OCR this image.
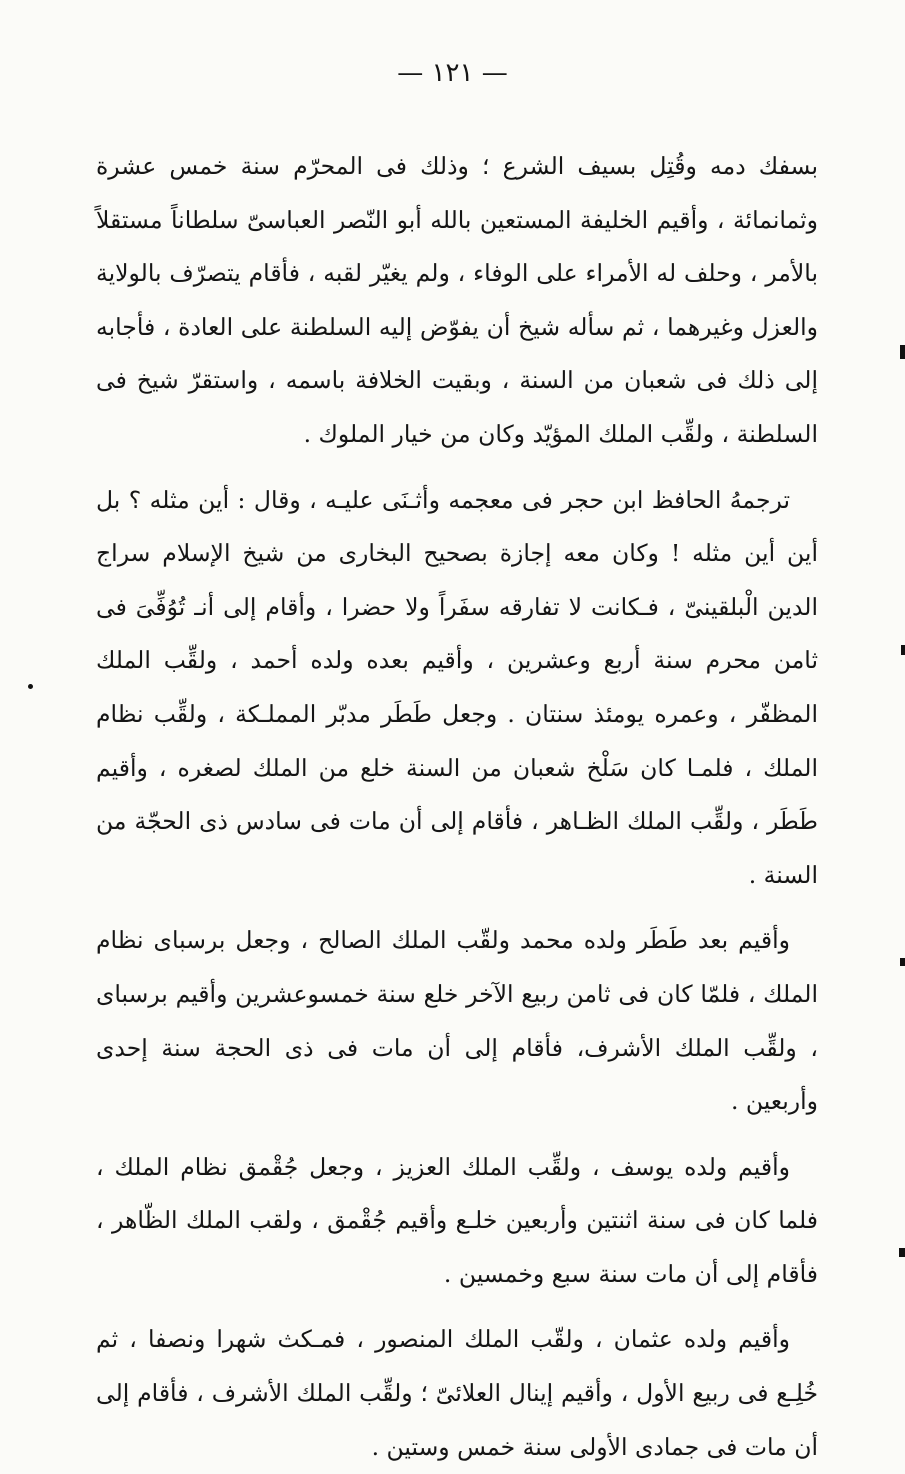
— ١٢١ —

بسفك دمه وقُتِل بسيف الشرع ؛ وذلك فى المحرّم سنة خمس عشرة وثمانمائة ، وأقيم الخليفة المستعين بالله أبو النّصر العباسىّ سلطاناً مستقلاً بالأمر ، وحلف له الأمراء على الوفاء ، ولم يغيّر لقبه ، فأقام يتصرّف بالولاية والعزل وغيرهما ، ثم سأله شيخ أن يفوّض إليه السلطنة على العادة ، فأجابه إلى ذلك فى شعبان من السنة ، وبقيت الخلافة باسمه ، واستقرّ شيخ فى السلطنة ، ولقِّب الملك المؤيّد وكان من خيار الملوك .

ترجمهُ الحافظ ابن حجر فى معجمه وأثـنَى عليـه ، وقال : أين مثله ؟ بل أين أين مثله ! وكان معه إجازة بصحيح البخارى من شيخ الإسلام سراج الدين الْبلقينىّ ، فـكانت لا تفارقه سفَراً ولا حضرا ، وأقام إلى أنـ تُوُفِّىَ فى ثامن محرم سنة أربع وعشرين ، وأقيم بعده ولده أحمد ، ولقِّب الملك المظفّر ، وعمره يومئذ سنتان . وجعل طَطَر مدبّر المملـكة ، ولقِّب نظام الملك ، فلمـا كان سَلْخ شعبان من السنة خلع من الملك لصغره ، وأقيم طَطَر ، ولقِّب الملك الظـاهر ، فأقام إلى أن مات فى سادس ذى الحجّة من السنة .

وأقيم بعد طَطَر ولده محمد ولقّب الملك الصالح ، وجعل برسباى نظام الملك ، فلمّا كان فى ثامن ربيع الآخر خلع سنة خمسوعشرين وأقيم برسباى ، ولقِّب الملك الأشرف، فأقام إلى أن مات فى ذى الحجة سنة إحدى وأربعين .

وأقيم ولده يوسف ، ولقِّب الملك العزيز ، وجعل جُقْمق نظام الملك ، فلما كان فى سنة اثنتين وأربعين خلـع وأقيم جُقْمق ، ولقب الملك الظّاهر ، فأقام إلى أن مات سنة سبع وخمسين .

وأقيم ولده عثمان ، ولقّب الملك المنصور ، فمـكث شهرا ونصفا ، ثم خُلِـع فى ربيع الأول ، وأقيم إينال العلائىّ ؛ ولقِّب الملك الأشرف ، فأقام إلى أن مات فى جمادى الأولى سنة خمس وستين .
